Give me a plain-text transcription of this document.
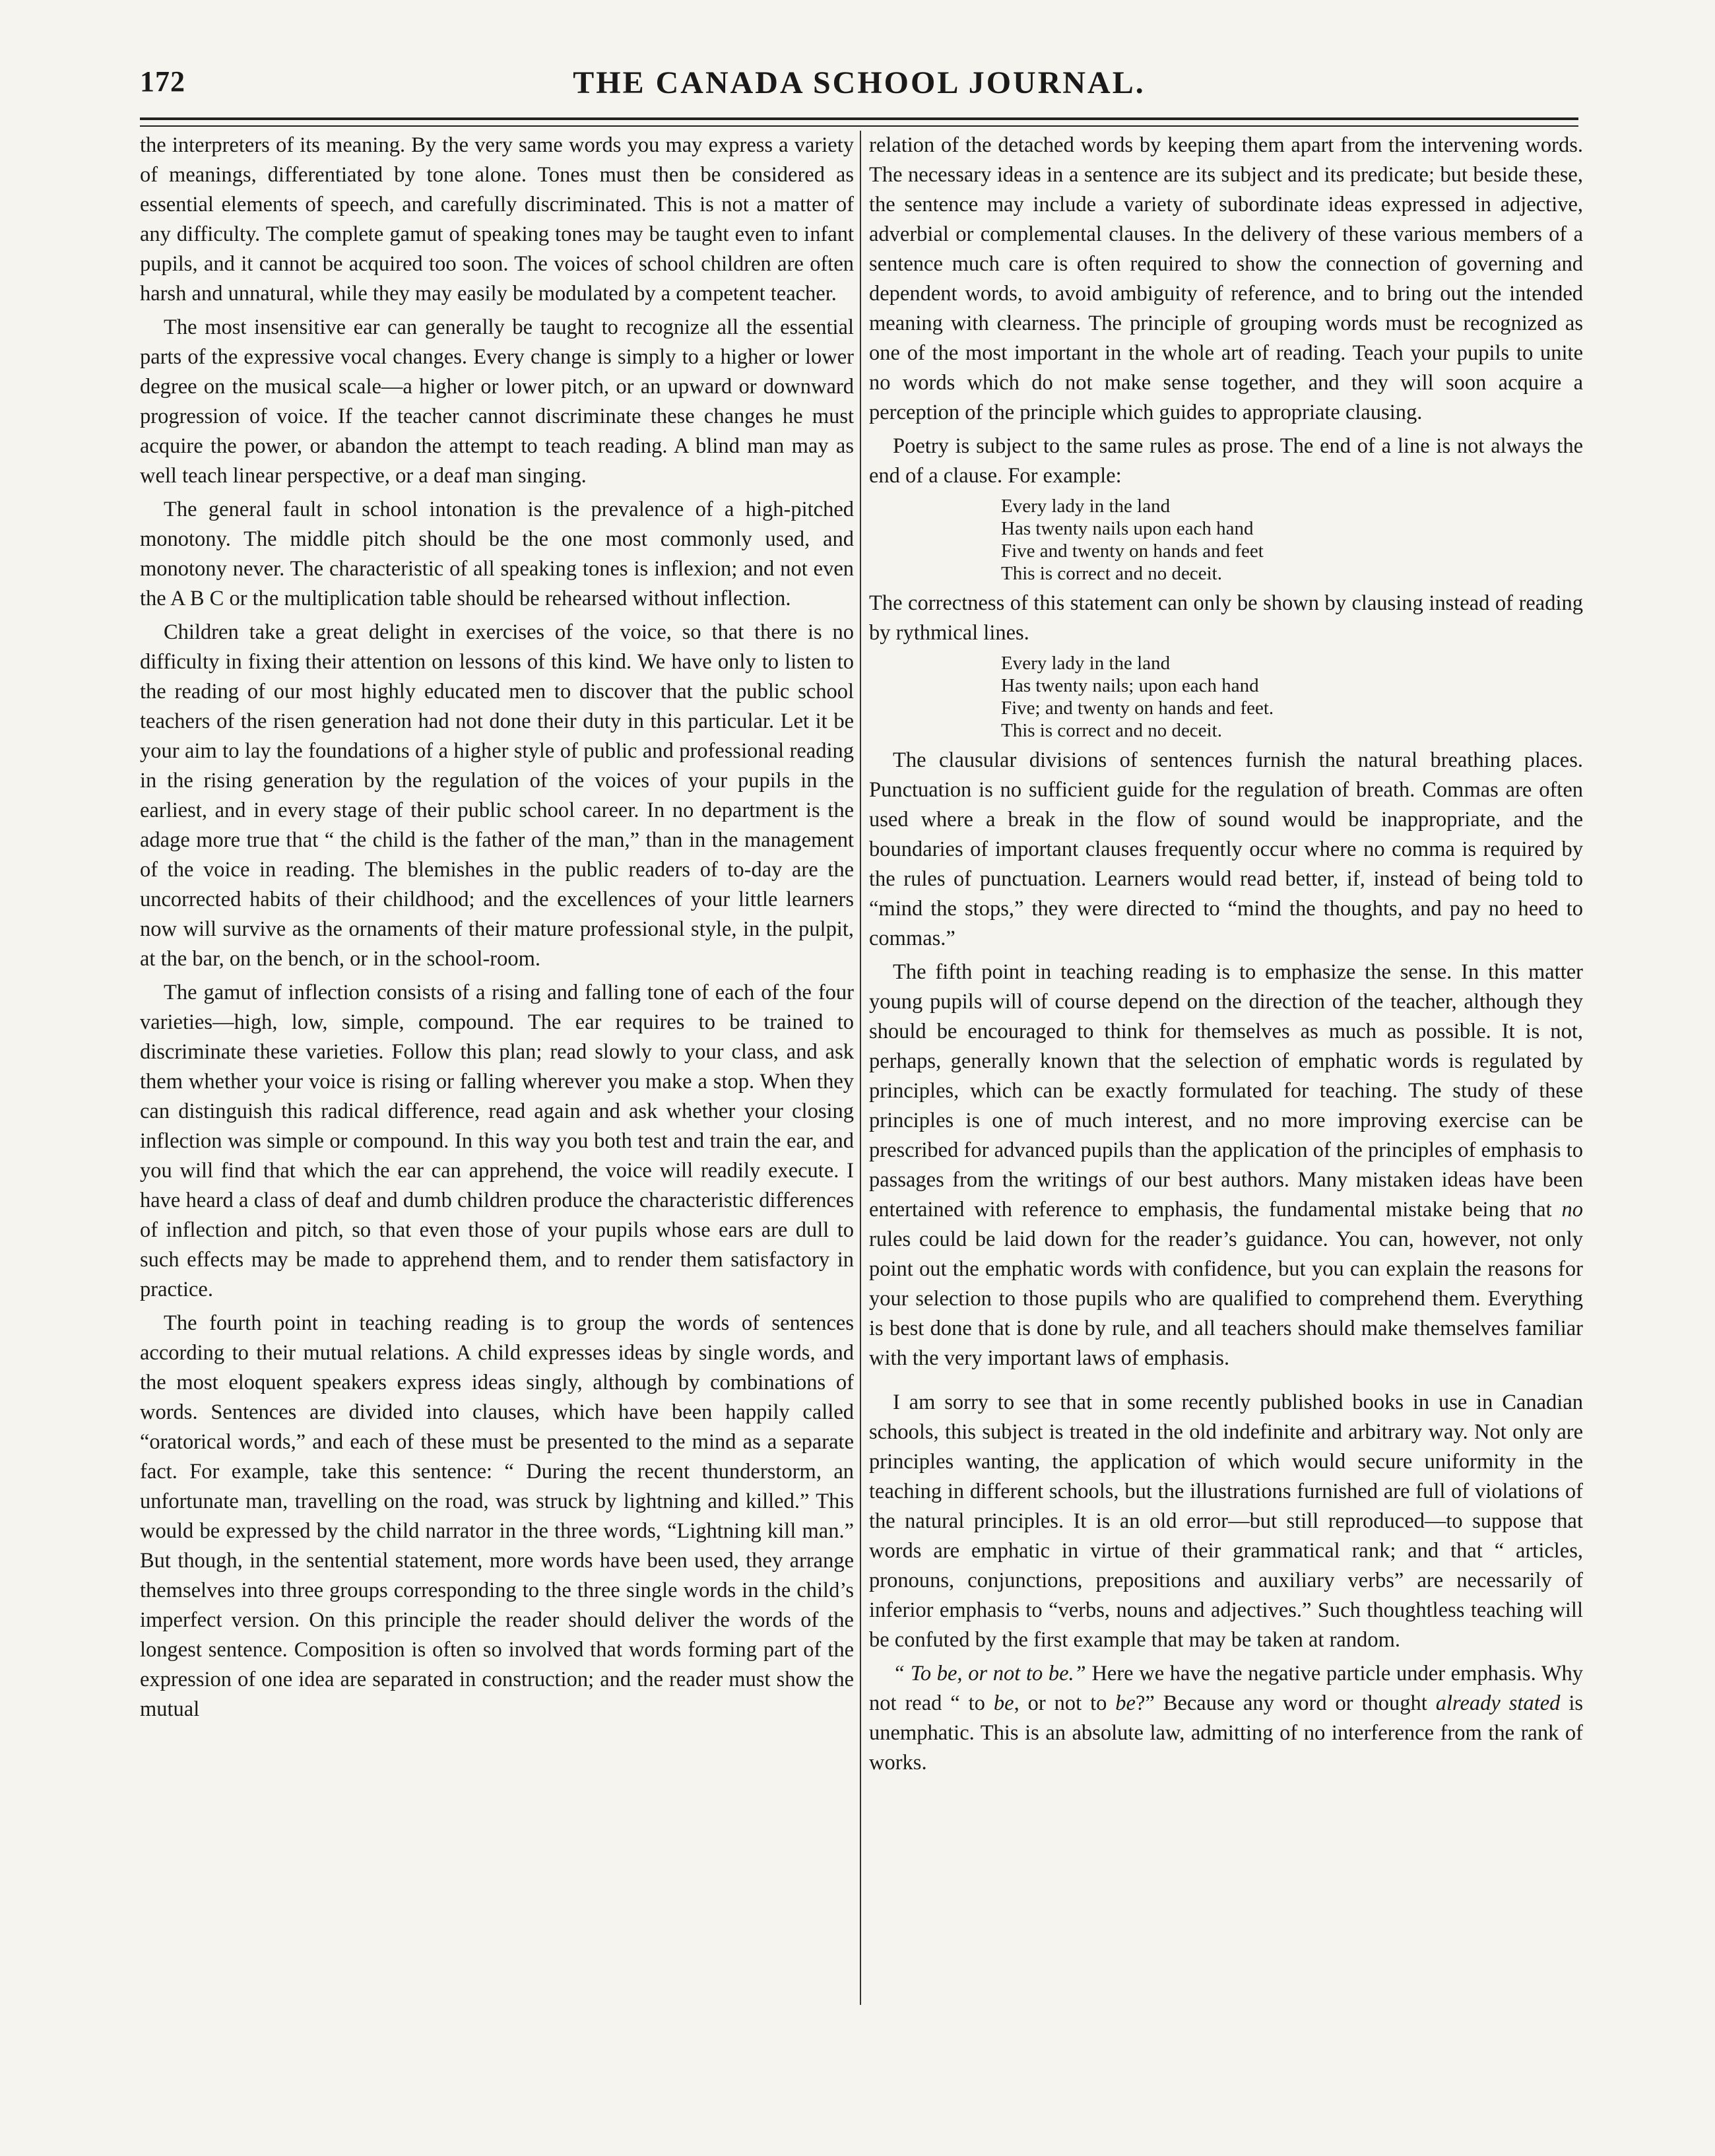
172	THE CANADA SCHOOL JOURNAL.

the interpreters of its meaning. By the very same words you may express a variety of meanings, differentiated by tone alone. Tones must then be considered as essential elements of speech, and carefully discriminated. This is not a matter of any difficulty. The complete gamut of speaking tones may be taught even to infant pupils, and it cannot be acquired too soon. The voices of school children are often harsh and unnatural, while they may easily be modulated by a competent teacher.

The most insensitive ear can generally be taught to recognize all the essential parts of the expressive vocal changes. Every change is simply to a higher or lower degree on the musical scale—a higher or lower pitch, or an upward or downward progression of voice. If the teacher cannot discriminate these changes he must acquire the power, or abandon the attempt to teach reading. A blind man may as well teach linear perspective, or a deaf man singing.

The general fault in school intonation is the prevalence of a high-pitched monotony. The middle pitch should be the one most commonly used, and monotony never. The characteristic of all speaking tones is inflexion; and not even the A B C or the multiplication table should be rehearsed without inflection.

Children take a great delight in exercises of the voice, so that there is no difficulty in fixing their attention on lessons of this kind. We have only to listen to the reading of our most highly educated men to discover that the public school teachers of the risen generation had not done their duty in this particular. Let it be your aim to lay the foundations of a higher style of public and professional reading in the rising generation by the regulation of the voices of your pupils in the earliest, and in every stage of their public school career. In no department is the adage more true that “ the child is the father of the man,” than in the management of the voice in reading. The blemishes in the public readers of to-day are the uncorrected habits of their childhood; and the excellences of your little learners now will survive as the ornaments of their mature professional style, in the pulpit, at the bar, on the bench, or in the school-room.

The gamut of inflection consists of a rising and falling tone of each of the four varieties—high, low, simple, compound. The ear requires to be trained to discriminate these varieties. Follow this plan; read slowly to your class, and ask them whether your voice is rising or falling wherever you make a stop. When they can distinguish this radical difference, read again and ask whether your closing inflection was simple or compound. In this way you both test and train the ear, and you will find that which the ear can apprehend, the voice will readily execute. I have heard a class of deaf and dumb children produce the characteristic differences of inflection and pitch, so that even those of your pupils whose ears are dull to such effects may be made to apprehend them, and to render them satisfactory in practice.

The fourth point in teaching reading is to group the words of sentences according to their mutual relations. A child expresses ideas by single words, and the most eloquent speakers express ideas singly, although by combinations of words. Sentences are divided into clauses, which have been happily called “oratorical words,” and each of these must be presented to the mind as a separate fact. For example, take this sentence: “ During the recent thunderstorm, an unfortunate man, travelling on the road, was struck by lightning and killed.” This would be expressed by the child narrator in the three words, “Lightning kill man.” But though, in the sentential statement, more words have been used, they arrange themselves into three groups corresponding to the three single words in the child’s imperfect version. On this principle the reader should deliver the words of the longest sentence. Composition is often so involved that words forming part of the expression of one idea are separated in construction; and the reader must show the mutual

relation of the detached words by keeping them apart from the intervening words. The necessary ideas in a sentence are its subject and its predicate; but beside these, the sentence may include a variety of subordinate ideas expressed in adjective, adverbial or complemental clauses. In the delivery of these various members of a sentence much care is often required to show the connection of governing and dependent words, to avoid ambiguity of reference, and to bring out the intended meaning with clearness. The principle of grouping words must be recognized as one of the most important in the whole art of reading. Teach your pupils to unite no words which do not make sense together, and they will soon acquire a perception of the principle which guides to appropriate clausing.

Poetry is subject to the same rules as prose. The end of a line is not always the end of a clause. For example:

Every lady in the land
Has twenty nails upon each hand
Five and twenty on hands and feet
This is correct and no deceit.

The correctness of this statement can only be shown by clausing instead of reading by rythmical lines.

Every lady in the land
Has twenty nails; upon each hand
Five; and twenty on hands and feet.
This is correct and no deceit.

The clausular divisions of sentences furnish the natural breathing places. Punctuation is no sufficient guide for the regulation of breath. Commas are often used where a break in the flow of sound would be inappropriate, and the boundaries of important clauses frequently occur where no comma is required by the rules of punctuation. Learners would read better, if, instead of being told to “mind the stops,” they were directed to “mind the thoughts, and pay no heed to commas.”

The fifth point in teaching reading is to emphasize the sense. In this matter young pupils will of course depend on the direction of the teacher, although they should be encouraged to think for themselves as much as possible. It is not, perhaps, generally known that the selection of emphatic words is regulated by principles, which can be exactly formulated for teaching. The study of these principles is one of much interest, and no more improving exercise can be prescribed for advanced pupils than the application of the principles of emphasis to passages from the writings of our best authors. Many mistaken ideas have been entertained with reference to emphasis, the fundamental mistake being that no rules could be laid down for the reader’s guidance. You can, however, not only point out the emphatic words with confidence, but you can explain the reasons for your selection to those pupils who are qualified to comprehend them. Everything is best done that is done by rule, and all teachers should make themselves familiar with the very important laws of emphasis.

I am sorry to see that in some recently published books in use in Canadian schools, this subject is treated in the old indefinite and arbitrary way. Not only are principles wanting, the application of which would secure uniformity in the teaching in different schools, but the illustrations furnished are full of violations of the natural principles. It is an old error—but still reproduced—to suppose that words are emphatic in virtue of their grammatical rank; and that “ articles, pronouns, conjunctions, prepositions and auxiliary verbs” are necessarily of inferior emphasis to “verbs, nouns and adjectives.” Such thoughtless teaching will be confuted by the first example that may be taken at random.

“ To be, or not to be.” Here we have the negative particle under emphasis. Why not read “ to be, or not to be?” Because any word or thought already stated is unemphatic. This is an absolute law, admitting of no interference from the rank of works.
